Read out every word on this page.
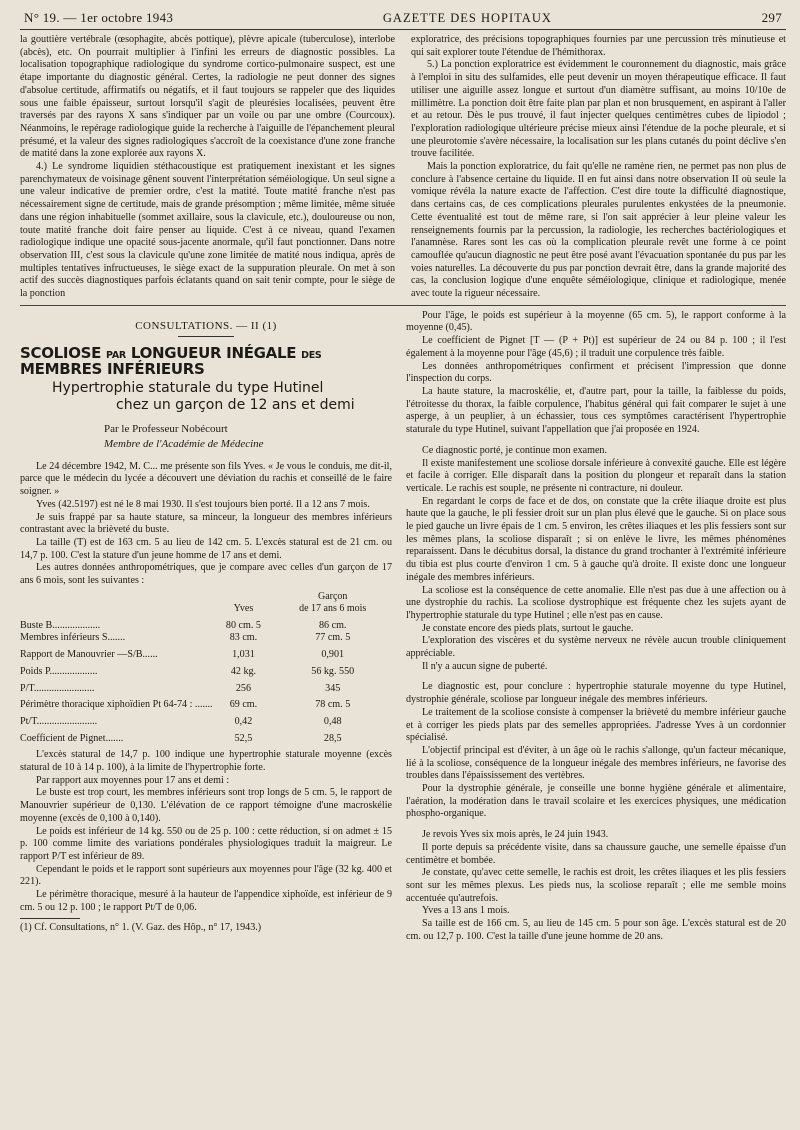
N° 19. — 1er octobre 1943	GAZETTE DES HOPITAUX	297

la gouttière vertébrale (œsophagite, abcès pottique), plèvre apicale (tuberculose), interlobe (abcès), etc. On pourrait multiplier à l'infini les erreurs de diagnostic possibles. La localisation topographique radiologique du syndrome cortico-pulmonaire suspect, est une étape importante du diagnostic général. Certes, la radiologie ne peut donner des signes d'absolue certitude, affirmatifs ou négatifs, et il faut toujours se rappeler que des liquides sous une faible épaisseur, surtout lorsqu'il s'agit de pleurésies localisées, peuvent être traversés par des rayons X sans s'indiquer par un voile ou par une ombre (Courcoux). Néanmoins, le repérage radiologique guide la recherche à l'aiguille de l'épanchement pleural présumé, et la valeur des signes radiologiques s'accroît de la coexistance d'une zone franche de matité dans la zone explorée aux rayons X.

4.) Le syndrome liquidien stéthacoustique est pratiquement inexistant et les signes parenchymateux de voisinage gênent souvent l'interprétation séméiologique. Un seul signe a une valeur indicative de premier ordre, c'est la matité. Toute matité franche n'est pas nécessairement signe de certitude, mais de grande présomption ; même limitée, même située dans une région inhabituelle (sommet axillaire, sous la clavicule, etc.), douloureuse ou non, toute matité franche doit faire penser au liquide. C'est à ce niveau, quand l'examen radiologique indique une opacité sous-jacente anormale, qu'il faut ponctionner. Dans notre observation III, c'est sous la clavicule qu'une zone limitée de matité nous indiqua, après de multiples tentatives infructueuses, le siège exact de la suppuration pleurale. On met à son actif des succès diagnostiques parfois éclatants quand on sait tenir compte, pour le siège de la ponction

exploratrice, des précisions topographiques fournies par une percussion très minutieuse et qui sait explorer toute l'étendue de l'hémithorax.

5.) La ponction exploratrice est évidemment le couronnement du diagnostic, mais grâce à l'emploi in situ des sulfamides, elle peut devenir un moyen thérapeutique efficace. Il faut utiliser une aiguille assez longue et surtout d'un diamètre suffisant, au moins 10/10e de millimètre. La ponction doit être faite plan par plan et non brusquement, en aspirant à l'aller et au retour. Dès le pus trouvé, il faut injecter quelques centimètres cubes de lipiodol ; l'exploration radiologique ultérieure précise mieux ainsi l'étendue de la poche pleurale, et si une pleurotomie s'avère nécessaire, la localisation sur les plans cutanés du point déclive s'en trouve facilitée.

Mais la ponction exploratrice, du fait qu'elle ne ramène rien, ne permet pas non plus de conclure à l'absence certaine du liquide. Il en fut ainsi dans notre observation II où seule la vomique révéla la nature exacte de l'affection. C'est dire toute la difficulté diagnostique, dans certains cas, de ces complications pleurales purulentes enkystées de la pneumonie. Cette éventualité est tout de même rare, si l'on sait apprécier à leur pleine valeur les renseignements fournis par la percussion, la radiologie, les recherches bactériologiques et l'anamnèse. Rares sont les cas où la complication pleurale revêt une forme à ce point camouflée qu'aucun diagnostic ne peut être posé avant l'évacuation spontanée du pus par les voies naturelles. La découverte du pus par ponction devrait être, dans la grande majorité des cas, la conclusion logique d'une enquête séméiologique, clinique et radiologique, menée avec toute la rigueur nécessaire.

CONSULTATIONS. — II (1)
SCOLIOSE PAR LONGUEUR INÉGALE DES MEMBRES INFÉRIEURS
Hypertrophie staturale du type Hutinel
chez un garçon de 12 ans et demi
Par le Professeur Nobécourt
Membre de l'Académie de Médecine

Le 24 décembre 1942, M. C... me présente son fils Yves. « Je vous le conduis, me dit-il, parce que le médecin du lycée a découvert une déviation du rachis et conseillé de le faire soigner. »

Yves (42.5197) est né le 8 mai 1930. Il s'est toujours bien porté. Il a 12 ans 7 mois.

Je suis frappé par sa haute stature, sa minceur, la longueur des membres inférieurs contrastant avec la brièveté du buste.

La taille (T) est de 163 cm. 5 au lieu de 142 cm. 5. L'excès statural est de 21 cm. ou 14,7 p. 100. C'est la stature d'un jeune homme de 17 ans et demi.

Les autres données anthropométriques, que je compare avec celles d'un garçon de 17 ans 6 mois, sont les suivantes :

	Yves	Garçon
de 17 ans 6 mois
Buste B...................	80 cm. 5	86 cm.
Membres inférieurs S.......	83 cm.	77 cm. 5
Rapport de Manouvrier —S/B......	1,031	0,901
Poids P...................	42 kg.	56 kg. 550
P/T........................	256	345
Périmètre thoracique xiphoïdien Pt 64-74 : .......	69 cm.	78 cm. 5
Pt/T........................	0,42	0,48
Coefficient de Pignet.......	52,5	28,5

L'excès statural de 14,7 p. 100 indique une hypertrophie staturale moyenne (excès statural de 10 à 14 p. 100), à la limite de l'hypertrophie forte.

Par rapport aux moyennes pour 17 ans et demi :

Le buste est trop court, les membres inférieurs sont trop longs de 5 cm. 5, le rapport de Manouvrier supérieur de 0,130. L'élévation de ce rapport témoigne d'une macroskélie moyenne (excès de 0,100 à 0,140).

Le poids est inférieur de 14 kg. 550 ou de 25 p. 100 : cette réduction, si on admet ± 15 p. 100 comme limite des variations pondérales physiologiques traduit la maigreur. Le rapport P/T est inférieur de 89.

Cependant le poids et le rapport sont supérieurs aux moyennes pour l'âge (32 kg. 400 et 221).

Le périmètre thoracique, mesuré à la hauteur de l'appendice xiphoïde, est inférieur de 9 cm. 5 ou 12 p. 100 ; le rapport Pt/T de 0,06.

(1) Cf. Consultations, n° 1. (V. Gaz. des Hôp., n° 17, 1943.)

Pour l'âge, le poids est supérieur à la moyenne (65 cm. 5), le rapport conforme à la moyenne (0,45).

Le coefficient de Pignet [T — (P + Pt)] est supérieur de 24 ou 84 p. 100 ; il l'est également à la moyenne pour l'âge (45,6) ; il traduit une corpulence très faible.

Les données anthropométriques confirment et précisent l'impression que donne l'inspection du corps.

La haute stature, la macroskélie, et, d'autre part, pour la taille, la faiblesse du poids, l'étroitesse du thorax, la faible corpulence, l'habitus général qui fait comparer le sujet à une asperge, à un peuplier, à un échassier, tous ces symptômes caractérisent l'hypertrophie staturale du type Hutinel, suivant l'appellation que j'ai proposée en 1924.

Ce diagnostic porté, je continue mon examen.

Il existe manifestement une scoliose dorsale inférieure à convexité gauche. Elle est légère et facile à corriger. Elle disparaît dans la position du plongeur et reparaît dans la station verticale. Le rachis est souple, ne présente ni contracture, ni douleur.

En regardant le corps de face et de dos, on constate que la crête iliaque droite est plus haute que la gauche, le pli fessier droit sur un plan plus élevé que le gauche. Si on place sous le pied gauche un livre épais de 1 cm. 5 environ, les crêtes iliaques et les plis fessiers sont sur les mêmes plans, la scoliose disparaît ; si on enlève le livre, les mêmes phénomènes reparaissent. Dans le décubitus dorsal, la distance du grand trochanter à l'extrémité inférieure du tibia est plus courte d'environ 1 cm. 5 à gauche qu'à droite. Il existe donc une longueur inégale des membres inférieurs.

La scoliose est la conséquence de cette anomalie. Elle n'est pas due à une affection ou à une dystrophie du rachis. La scoliose dystrophique est fréquente chez les sujets ayant de l'hypertrophie staturale du type Hutinel ; elle n'est pas en cause.

Je constate encore des pieds plats, surtout le gauche.

L'exploration des viscères et du système nerveux ne révèle aucun trouble cliniquement appréciable.

Il n'y a aucun signe de puberté.

Le diagnostic est, pour conclure : hypertrophie staturale moyenne du type Hutinel, dystrophie générale, scoliose par longueur inégale des membres inférieurs.

Le traitement de la scoliose consiste à compenser la brièveté du membre inférieur gauche et à corriger les pieds plats par des semelles appropriées. J'adresse Yves à un cordonnier spécialisé.

L'objectif principal est d'éviter, à un âge où le rachis s'allonge, qu'un facteur mécanique, lié à la scoliose, conséquence de la longueur inégale des membres inférieurs, ne favorise des troubles dans l'épaississement des vertèbres.

Pour la dystrophie générale, je conseille une bonne hygiène générale et alimentaire, l'aération, la modération dans le travail scolaire et les exercices physiques, une médication phospho-organique.

Je revois Yves six mois après, le 24 juin 1943.

Il porte depuis sa précédente visite, dans sa chaussure gauche, une semelle épaisse d'un centimètre et bombée.

Je constate, qu'avec cette semelle, le rachis est droit, les crêtes iliaques et les plis fessiers sont sur les mêmes plexus. Les pieds nus, la scoliose reparaît ; elle me semble moins accentuée qu'autrefois.

Yves a 13 ans 1 mois.

Sa taille est de 166 cm. 5, au lieu de 145 cm. 5 pour son âge. L'excès statural est de 20 cm. ou 12,7 p. 100. C'est la taille d'une jeune homme de 20 ans.
